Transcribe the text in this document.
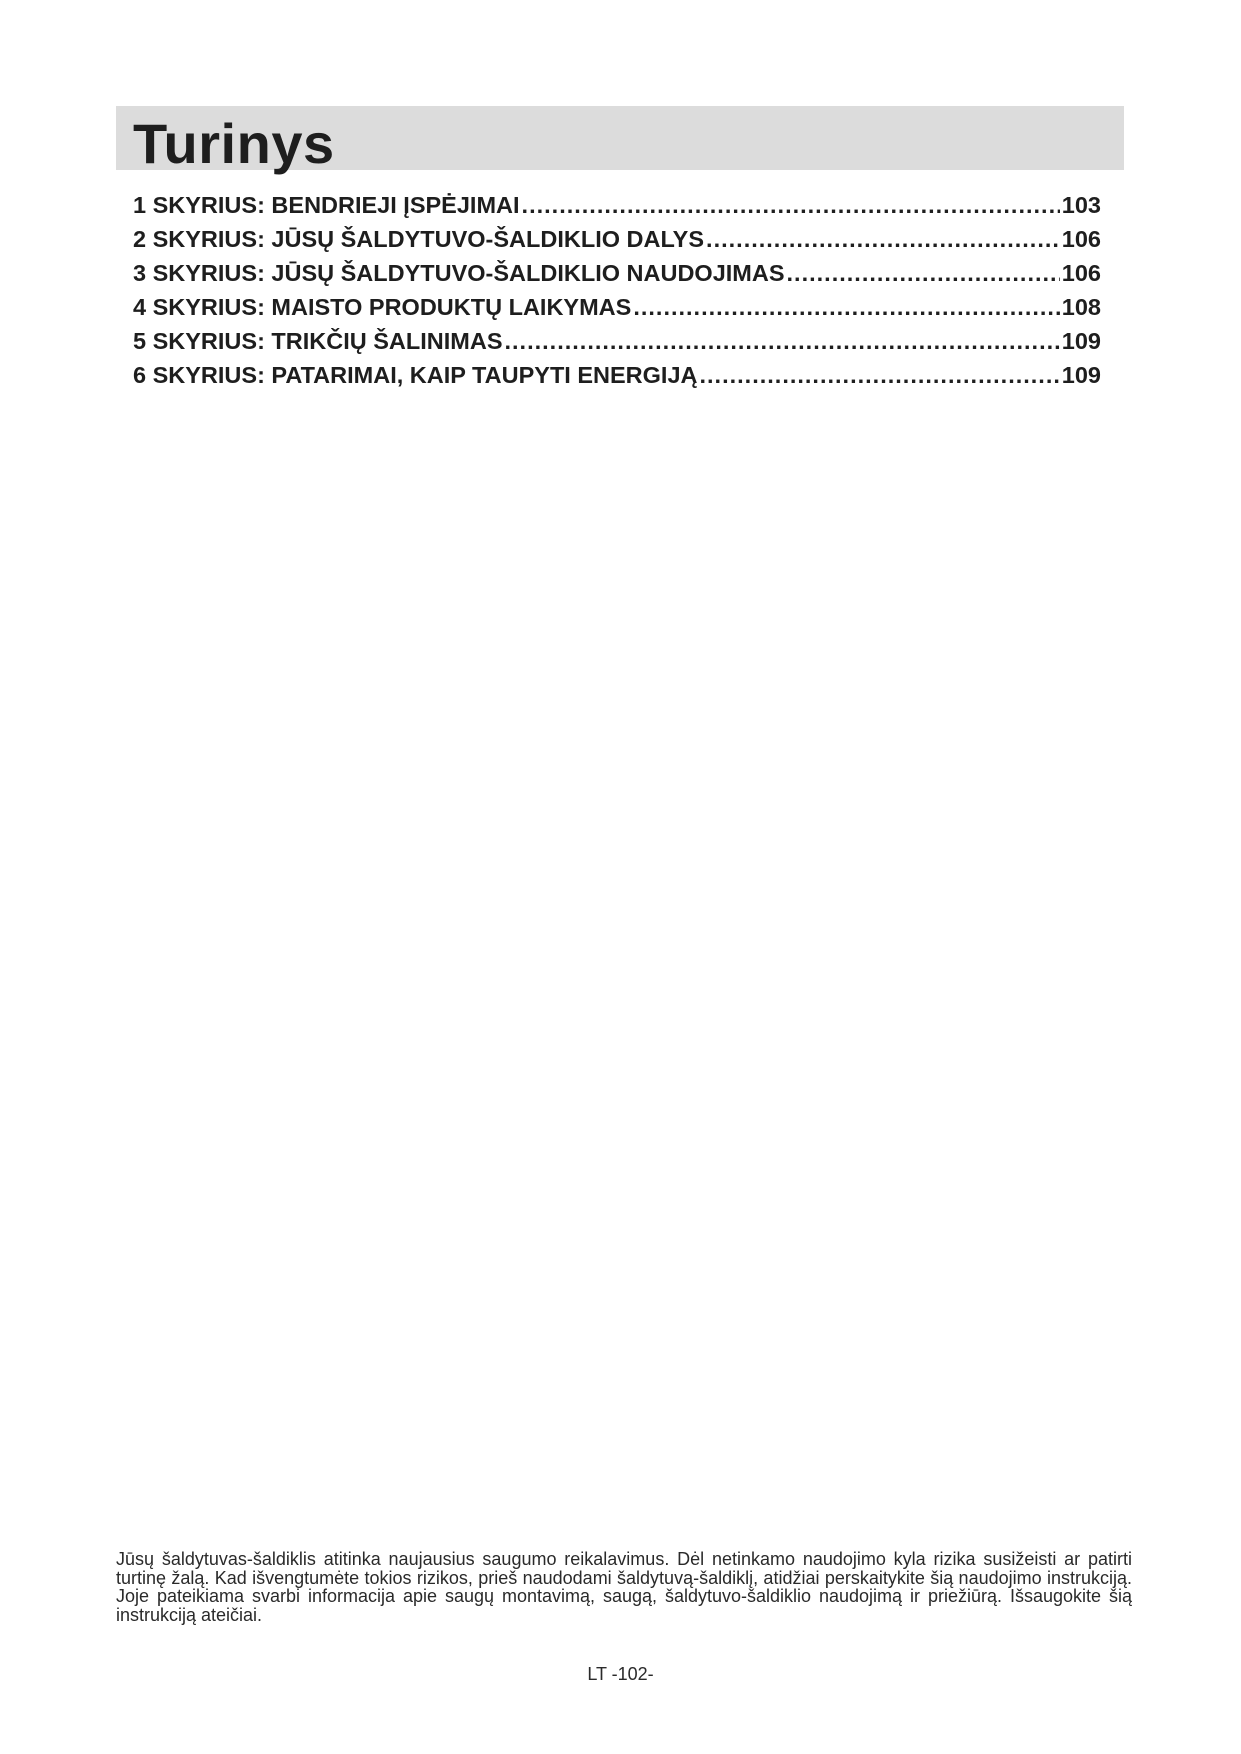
Turinys
1 SKYRIUS: BENDRIEJI ĮSPĖJIMAI .....	103
2 SKYRIUS: JŪSŲ ŠALDYTUVO-ŠALDIKLIO DALYS .....	106
3 SKYRIUS: JŪSŲ ŠALDYTUVO-ŠALDIKLIO NAUDOJIMAS .....	106
4 SKYRIUS: MAISTO PRODUKTŲ LAIKYMAS .....	108
5 SKYRIUS: TRIKČIŲ ŠALINIMAS .....	109
6 SKYRIUS: PATARIMAI, KAIP TAUPYTI ENERGIJĄ .....	109

Jūsų šaldytuvas-šaldiklis atitinka naujausius saugumo reikalavimus. Dėl netinkamo naudojimo kyla rizika susižeisti ar patirti turtinę žalą. Kad išvengtumėte tokios rizikos, prieš naudodami šaldytuvą-šaldiklį, atidžiai perskaitykite šią naudojimo instrukciją. Joje pateikiama svarbi informacija apie saugų montavimą, saugą, šaldytuvo-šaldiklio naudojimą ir priežiūrą. Išsaugokite šią instrukciją ateičiai.

LT -102-
